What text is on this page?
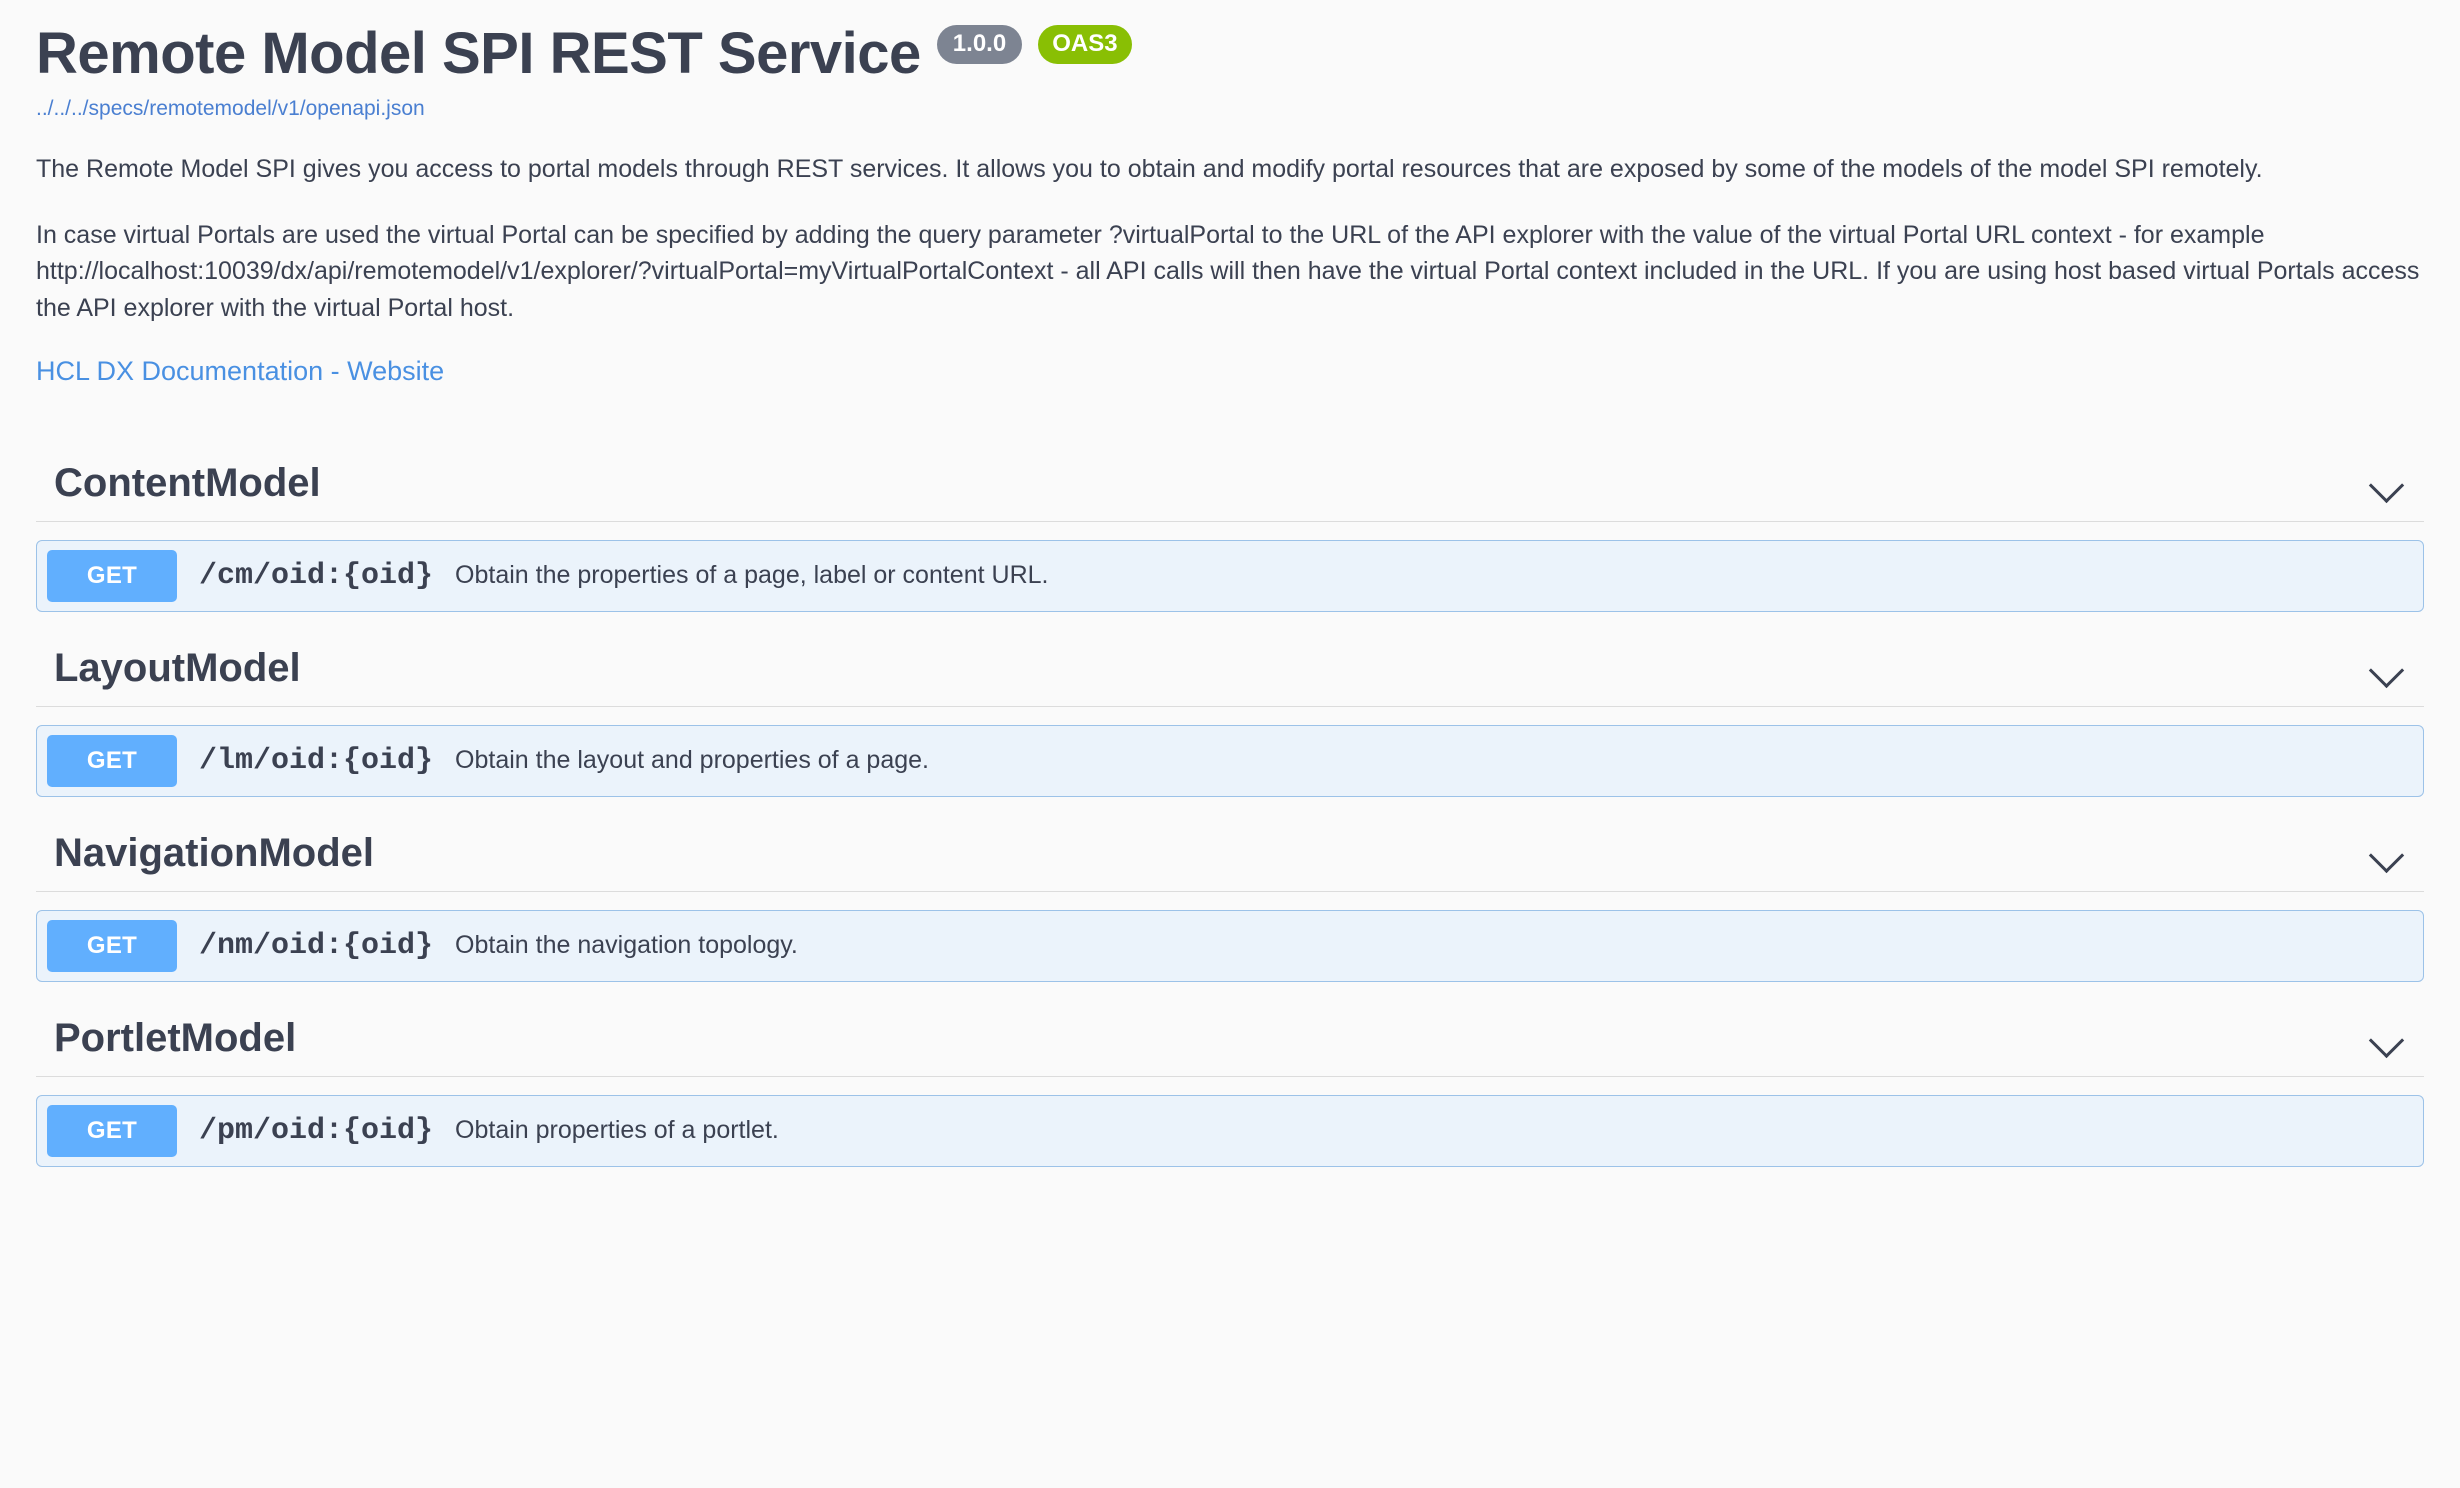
Remote Model SPI REST Service	1.0.0	OAS3
../../../specs/remotemodel/v1/openapi.json

The Remote Model SPI gives you access to portal models through REST services. It allows you to obtain and modify portal resources that are exposed by some of the models of the model SPI remotely.

In case virtual Portals are used the virtual Portal can be specified by adding the query parameter ?virtualPortal to the URL of the API explorer with the value of the virtual Portal URL context - for example http://localhost:10039/dx/api/remotemodel/v1/explorer/?virtualPortal=myVirtualPortalContext - all API calls will then have the virtual Portal context included in the URL. If you are using host based virtual Portals access the API explorer with the virtual Portal host.

HCL DX Documentation - Website
ContentModel
GET	/cm/oid:{oid} Obtain the properties of a page, label or content URL.
LayoutModel
GET	/lm/oid:{oid} Obtain the layout and properties of a page.
NavigationModel
GET	/nm/oid:{oid} Obtain the navigation topology.
PortletModel
GET	/pm/oid:{oid} Obtain properties of a portlet.
